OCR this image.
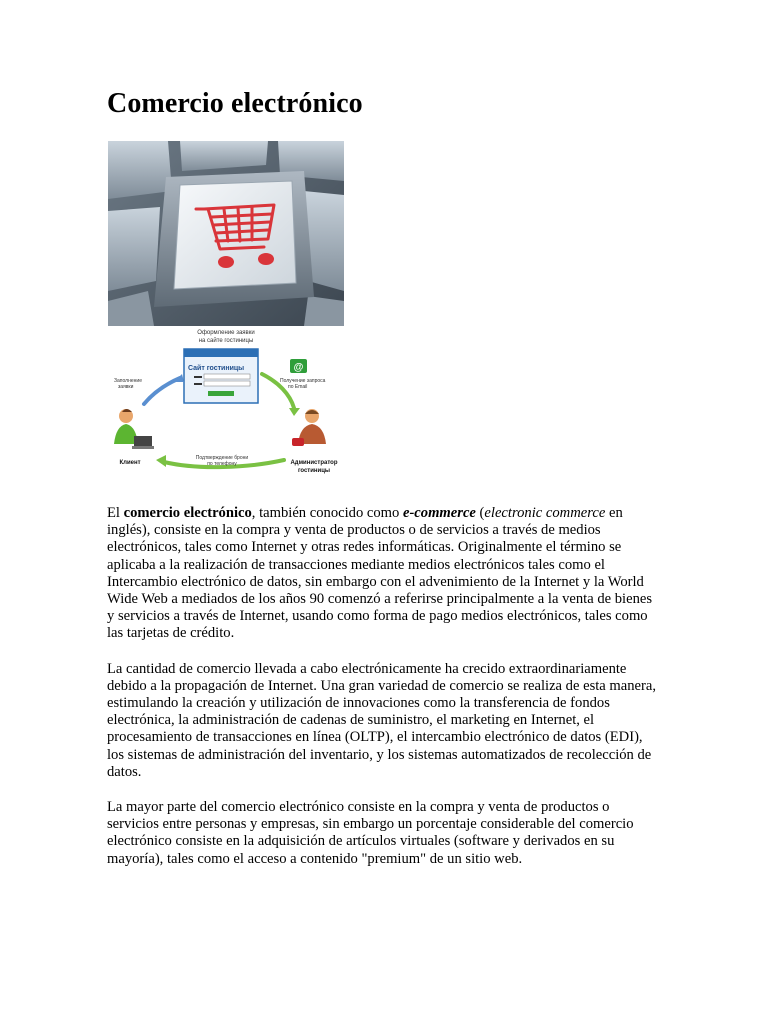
Comercio electrónico
Оформление заявки
на сайте гостиницы
Сайт гостиницы	@
Получение запроса
по Email
Заполнение
заявки
Подтверждение брони
по телефону
Клиент	Администратор
гостиницы

El comercio electrónico, también conocido como e-commerce (electronic commerce en inglés), consiste en la compra y venta de productos o de servicios a través de medios electrónicos, tales como Internet y otras redes informáticas. Originalmente el término se aplicaba a la realización de transacciones mediante medios electrónicos tales como el Intercambio electrónico de datos, sin embargo con el advenimiento de la Internet y la World Wide Web a mediados de los años 90 comenzó a referirse principalmente a la venta de bienes y servicios a través de Internet, usando como forma de pago medios electrónicos, tales como las tarjetas de crédito.

La cantidad de comercio llevada a cabo electrónicamente ha crecido extraordinariamente debido a la propagación de Internet. Una gran variedad de comercio se realiza de esta manera, estimulando la creación y utilización de innovaciones como la transferencia de fondos electrónica, la administración de cadenas de suministro, el marketing en Internet, el procesamiento de transacciones en línea (OLTP), el intercambio electrónico de datos (EDI), los sistemas de administración del inventario, y los sistemas automatizados de recolección de datos.

La mayor parte del comercio electrónico consiste en la compra y venta de productos o servicios entre personas y empresas, sin embargo un porcentaje considerable del comercio electrónico consiste en la adquisición de artículos virtuales (software y derivados en su mayoría), tales como el acceso a contenido "premium" de un sitio web.
